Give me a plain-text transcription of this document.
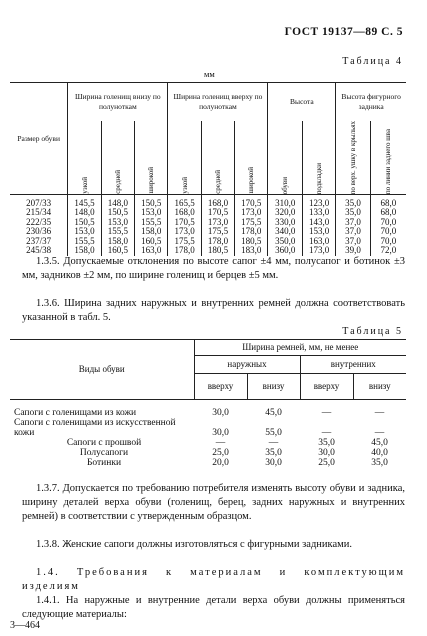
ГОСТ 19137—89 С. 5
Таблица 4
мм
Размер обуви	Ширина голенищ внизу по полуноткам			Ширина голенищ вверху по полуноткам			Высота		Высота фигурного задника	

	узкой	средней	широкой	узкой	средней	широкой	обуви	подкладки	по верх. ушку в крыльях	по линии заднего шва

207/33	145,5	148,0	150,5	165,5	168,0	170,5	310,0	123,0	35,0	68,0
215/34	148,0	150,5	153,0	168,0	170,5	173,0	320,0	133,0	35,0	68,0
222/35	150,5	153,0	155,5	170,5	173,0	175,5	330,0	143,0	37,0	70,0
230/36	153,0	155,5	158,0	173,0	175,5	178,0	340,0	153,0	37,0	70,0
237/37	155,5	158,0	160,5	175,5	178,0	180,5	350,0	163,0	37,0	70,0
245/38	158,0	160,5	163,0	178,0	180,5	183,0	360,0	173,0	39,0	72,0
1.3.5. Допускаемые отклонения по высоте сапог ±4 мм, полусапог и ботинок ±3 мм, задников ±2 мм, по ширине голенищ и берцев ±5 мм.
1.3.6. Ширина задних наружных и внутренних ремней должна соответствовать указанной в табл. 5.
Таблица 5
Виды обуви	Ширина ремней, мм, не менее			
	наружных		внутренних	
	вверху	внизу	вверху	внизу
Сапоги с голенищами из кожи	30,0	45,0	—	—
Сапоги с голенищами из искусственной кожи	30,0	55,0	—	—
Сапоги с прошвой	—	—	35,0	45,0
Полусапоги	25,0	35,0	30,0	40,0
Ботинки	20,0	30,0	25,0	35,0
1.3.7. Допускается по требованию потребителя изменять высоту обуви и задника, ширину деталей верха обуви (голенищ, берец, задних наружных и внутренних ремней) в соответствии с утвержденным образцом.
1.3.8. Женские сапоги должны изготовляться с фигурными задниками.
1.4. Требования к материалам и комплектующим изделиям
1.4.1. На наружные и внутренние детали верха обуви должны применяться следующие материалы:
3—464
